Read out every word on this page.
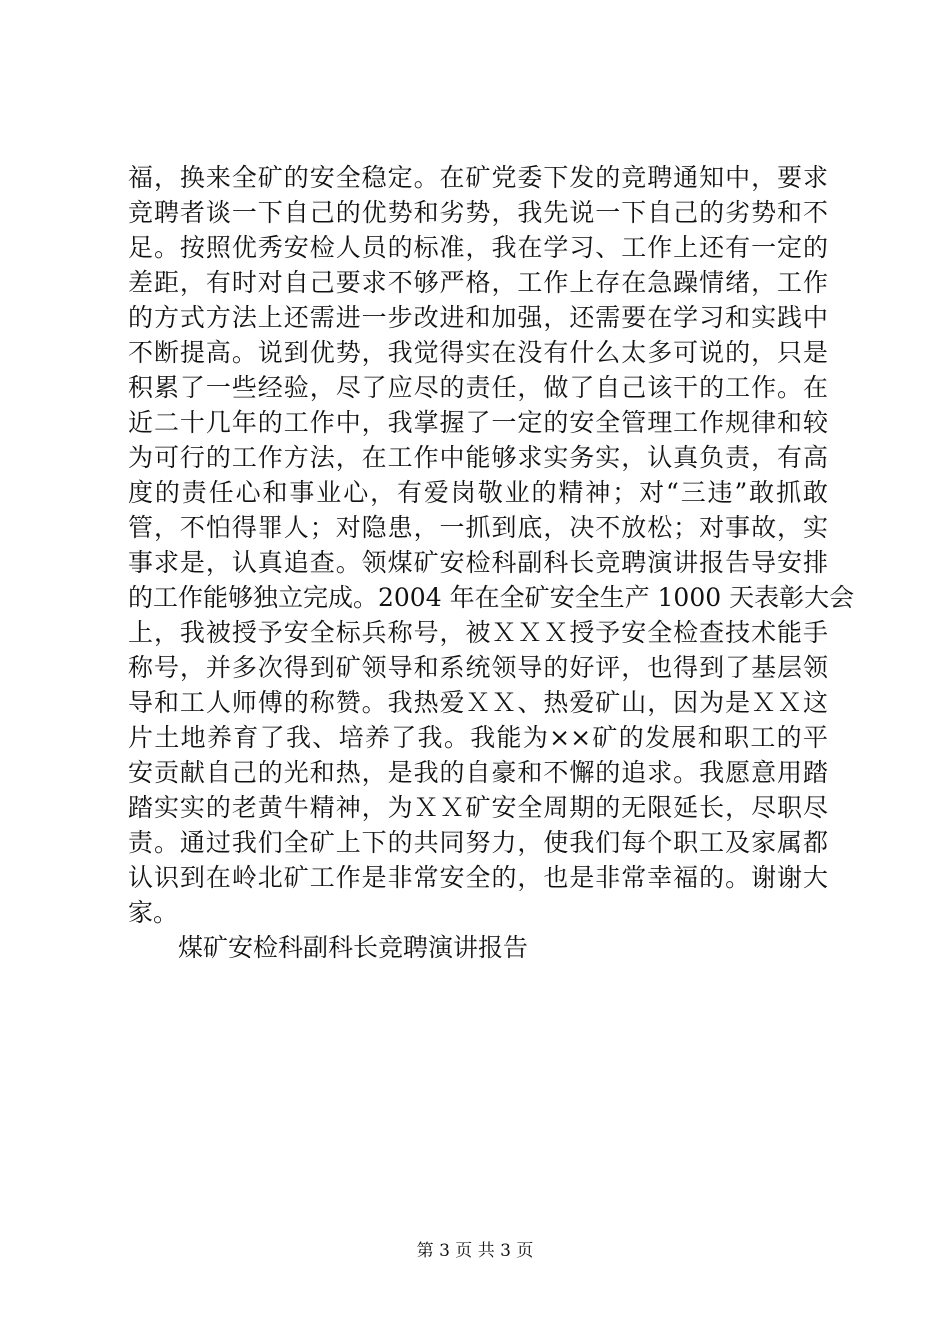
福，换来全矿的安全稳定。在矿党委下发的竞聘通知中，要求
竞聘者谈一下自己的优势和劣势，我先说一下自己的劣势和不
足。按照优秀安检人员的标准，我在学习、工作上还有一定的
差距，有时对自己要求不够严格，工作上存在急躁情绪，工作
的方式方法上还需进一步改进和加强，还需要在学习和实践中
不断提高。说到优势，我觉得实在没有什么太多可说的，只是
积累了一些经验，尽了应尽的责任，做了自己该干的工作。在
近二十几年的工作中，我掌握了一定的安全管理工作规律和较
为可行的工作方法，在工作中能够求实务实，认真负责，有高
度的责任心和事业心，有爱岗敬业的精神；对“三违”敢抓敢
管，不怕得罪人；对隐患，一抓到底，决不放松；对事故，实
事求是，认真追查。领煤矿安检科副科长竞聘演讲报告导安排
的工作能够独立完成。2004 年在全矿安全生产 1000 天表彰大会
上，我被授予安全标兵称号，被ＸＸＸ授予安全检查技术能手
称号，并多次得到矿领导和系统领导的好评，也得到了基层领
导和工人师傅的称赞。我热爱ＸＸ、热爱矿山，因为是ＸＸ这
片土地养育了我、培养了我。我能为××矿的发展和职工的平
安贡献自己的光和热，是我的自豪和不懈的追求。我愿意用踏
踏实实的老黄牛精神，为ＸＸ矿安全周期的无限延长，尽职尽
责。通过我们全矿上下的共同努力，使我们每个职工及家属都
认识到在岭北矿工作是非常安全的，也是非常幸福的。谢谢大
家。
煤矿安检科副科长竞聘演讲报告
第 3 页 共 3 页
